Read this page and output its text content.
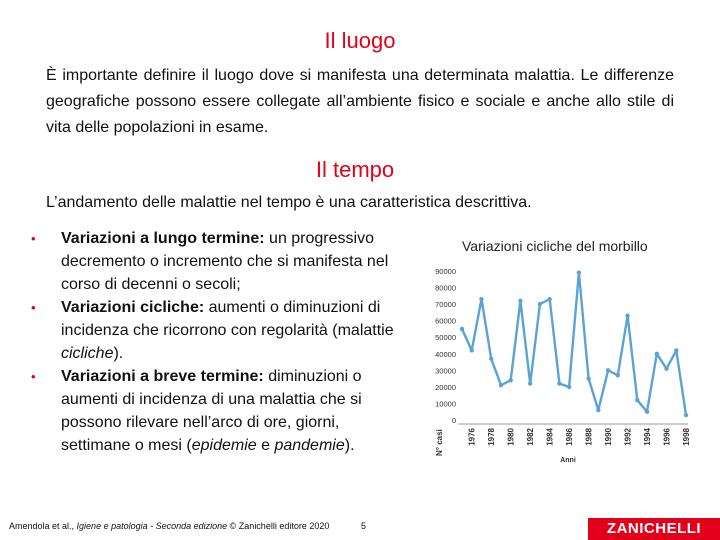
Il luogo
È importante definire il luogo dove si manifesta una determinata malattia. Le differenze geografiche possono essere collegate all’ambiente fisico e sociale e anche allo stile di vita delle popolazioni in esame.
Il tempo
L’andamento delle malattie nel tempo è una caratteristica descrittiva.
•	Variazioni a lungo termine: un progressivo decremento o incremento che si manifesta nel corso di decenni o secoli;
•	Variazioni cicliche: aumenti o diminuzioni di incidenza che ricorrono con regolarità (malattie cicliche).
•	Variazioni a breve termine: diminuzioni o aumenti di incidenza di una malattia che si possono rilevare nell’arco di ore, giorni, settimane o mesi (epidemie e pandemie).
Variazioni cicliche del morbillo
0
10000
20000
30000
40000
50000
60000
70000
80000
90000
1976 1978 1980 1982 1984 1986 1988 1990 1992 1994 1996 1998
N° casi
Anni
Amendola et al., Igiene e patologia - Seconda edizione © Zanichelli editore 2020	5	ZANICHELLI
